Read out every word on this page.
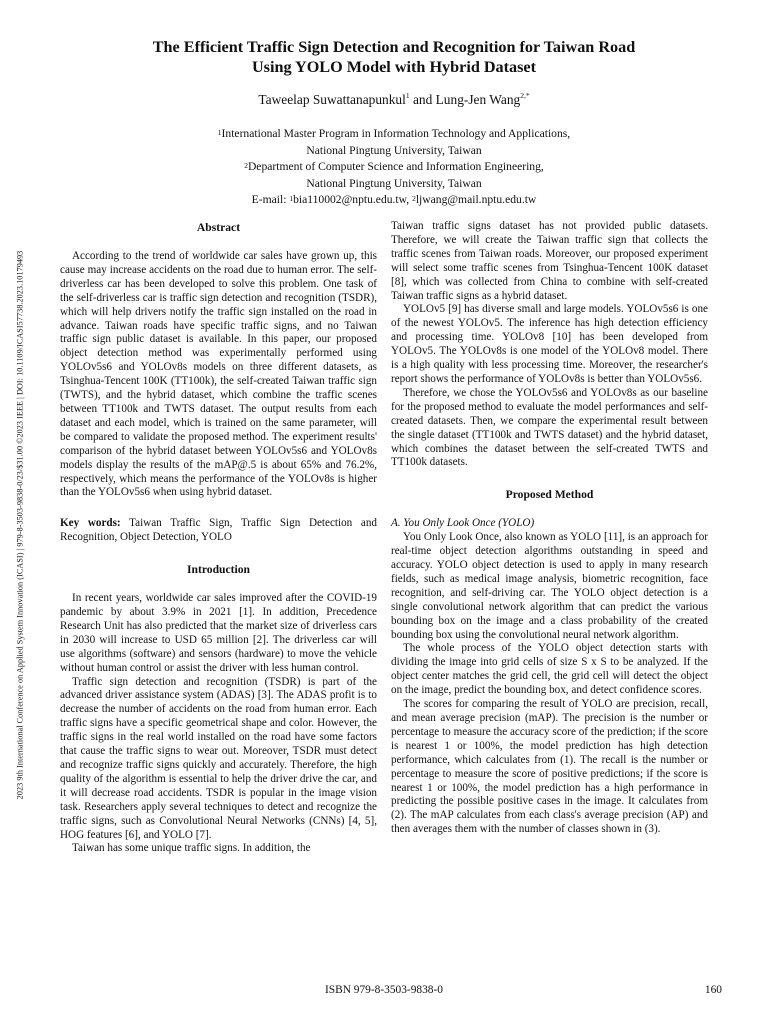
The Efficient Traffic Sign Detection and Recognition for Taiwan Road
Using YOLO Model with Hybrid Dataset
Taweelap Suwattanapunkul$^1$ and Lung-Jen Wang$^{2,*}$
$^1$International Master Program in Information Technology and Applications,
National Pingtung University, Taiwan
$^2$Department of Computer Science and Information Engineering,
National Pingtung University, Taiwan
E-mail: $^1$bia110002@nptu.edu.tw, $^2$ljwang@mail.nptu.edu.tw
2023 9th International Conference on Applied System Innovation (ICASI) | 979-8-3503-9838-0/23/$31.00 ©2023 IEEE | DOI: 10.1109/ICASI57738.2023.10179493

Abstract

According to the trend of worldwide car sales have grown up, this cause may increase accidents on the road due to human error. The self-driverless car has been developed to solve this problem. One task of the self-driverless car is traffic sign detection and recognition (TSDR), which will help drivers notify the traffic sign installed on the road in advance. Taiwan roads have specific traffic signs, and no Taiwan traffic sign public dataset is available. In this paper, our proposed object detection method was experimentally performed using YOLOv5s6 and YOLOv8s models on three different datasets, as Tsinghua-Tencent 100K (TT100k), the self-created Taiwan traffic sign (TWTS), and the hybrid dataset, which combine the traffic scenes between TT100k and TWTS dataset. The output results from each dataset and each model, which is trained on the same parameter, will be compared to validate the proposed method. The experiment results' comparison of the hybrid dataset between YOLOv5s6 and YOLOv8s models display the results of the mAP@.5 is about 65% and 76.2%, respectively, which means the performance of the YOLOv8s is higher than the YOLOv5s6 when using hybrid dataset.

Key words: Taiwan Traffic Sign, Traffic Sign Detection and Recognition, Object Detection, YOLO

Introduction

In recent years, worldwide car sales improved after the COVID-19 pandemic by about 3.9% in 2021 [1]. In addition, Precedence Research Unit has also predicted that the market size of driverless cars in 2030 will increase to USD 65 million [2]. The driverless car will use algorithms (software) and sensors (hardware) to move the vehicle without human control or assist the driver with less human control.

Traffic sign detection and recognition (TSDR) is part of the advanced driver assistance system (ADAS) [3]. The ADAS profit is to decrease the number of accidents on the road from human error. Each traffic signs have a specific geometrical shape and color. However, the traffic signs in the real world installed on the road have some factors that cause the traffic signs to wear out. Moreover, TSDR must detect and recognize traffic signs quickly and accurately. Therefore, the high quality of the algorithm is essential to help the driver drive the car, and it will decrease road accidents. TSDR is popular in the image vision task. Researchers apply several techniques to detect and recognize the traffic signs, such as Convolutional Neural Networks (CNNs) [4, 5], HOG features [6], and YOLO [7].

Taiwan has some unique traffic signs. In addition, the

Taiwan traffic signs dataset has not provided public datasets. Therefore, we will create the Taiwan traffic sign that collects the traffic scenes from Taiwan roads. Moreover, our proposed experiment will select some traffic scenes from Tsinghua-Tencent 100K dataset [8], which was collected from China to combine with self-created Taiwan traffic signs as a hybrid dataset.

YOLOv5 [9] has diverse small and large models. YOLOv5s6 is one of the newest YOLOv5. The inference has high detection efficiency and processing time. YOLOv8 [10] has been developed from YOLOv5. The YOLOv8s is one model of the YOLOv8 model. There is a high quality with less processing time. Moreover, the researcher's report shows the performance of YOLOv8s is better than YOLOv5s6.

Therefore, we chose the YOLOv5s6 and YOLOv8s as our baseline for the proposed method to evaluate the model performances and self-created datasets. Then, we compare the experimental result between the single dataset (TT100k and TWTS dataset) and the hybrid dataset, which combines the dataset between the self-created TWTS and TT100k datasets.

Proposed Method

A. You Only Look Once (YOLO)

You Only Look Once, also known as YOLO [11], is an approach for real-time object detection algorithms outstanding in speed and accuracy. YOLO object detection is used to apply in many research fields, such as medical image analysis, biometric recognition, face recognition, and self-driving car. The YOLO object detection is a single convolutional network algorithm that can predict the various bounding box on the image and a class probability of the created bounding box using the convolutional neural network algorithm.

The whole process of the YOLO object detection starts with dividing the image into grid cells of size S x S to be analyzed. If the object center matches the grid cell, the grid cell will detect the object on the image, predict the bounding box, and detect confidence scores.

The scores for comparing the result of YOLO are precision, recall, and mean average precision (mAP). The precision is the number or percentage to measure the accuracy score of the prediction; if the score is nearest 1 or 100%, the model prediction has high detection performance, which calculates from (1). The recall is the number or percentage to measure the score of positive predictions; if the score is nearest 1 or 100%, the model prediction has a high performance in predicting the possible positive cases in the image. It calculates from (2). The mAP calculates from each class's average precision (AP) and then averages them with the number of classes shown in (3).

ISBN 979-8-3503-9838-0	160
